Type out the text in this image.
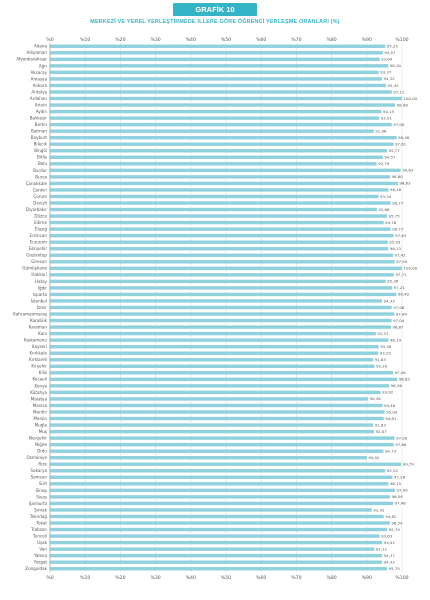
GRAFİK 10
MERKEZİ VE YEREL YERLEŞTİRMEDE İLLERE GÖRE ÖĞRENCİ YERLEŞME ORANLARI (%)
%0
%0
%10
%10
%20
%20
%30
%30
%40
%40
%50
%50
%60
%60
%70
%70
%80
%80
%90
%90
%100
%100
Adana	95,25
Adıyaman	94,57
Afyonkarahisar	93,64
Ağrı	96,10
Aksaray	93,37
Amasya	94,32
Ankara	95,43
Antalya	97,11
Ardahan	100,00
Artvin	98,06
Aydın	94,15
Balıkesir	93,51
Bartın	97,09
Batman	91,98
Bayburt	98,48
Bilecik	97,61
Bingöl	95,77
Bitlis	94,57
Bolu	92,79
Burdur	99,63
Bursa	96,60
Çanakkale	98,83
Çankırı	96,16
Çorum	93,34
Denizli	96,77
Diyarbakır	92,86
Düzce	95,75
Edirne	94,78
Elazığ	96,77
Erzincan	97,63
Erzurum	95,93
Eskişehir	96,13
Gaziantep	97,42
Giresun	97,90
Gümüşhane	100,00
Hakkari	97,71
Hatay	95,36
Iğdır	97,21
Isparta	98,40
İstanbul	94,33
İzmir	97,08
Kahramanmaraş	97,84
Karabük	97,04
Karaman	96,87
Kars	92,57
Kastamonu	96,14
Kayseri	93,38
Kırıkkale	93,25
Kırklareli	91,83
Kırşehir	92,20
Kilis	97,46
Kocaeli	98,65
Konya	96,36
Kütahya	93,92
Malatya	90,38
Manisa	94,46
Mardin	95,09
Mersin	94,81
Muğla	91,83
Muş	92,07
Nevşehir	97,90
Niğde	97,66
Ordu	94,73
Osmaniye	90,02
Rize	99,79
Sakarya	95,24
Samsun	97,28
Siirt	96,15
Sinop	97,99
Sivas	96,59
Şanlıurfa	97,46
Şırnak	91,42
Tekirdağ	94,82
Tokat	96,54
Trabzon	95,79
Tunceli	93,63
Uşak	94,42
Van	92,12
Yalova	94,37
Yozgat	94,33
Zonguldak	95,75
